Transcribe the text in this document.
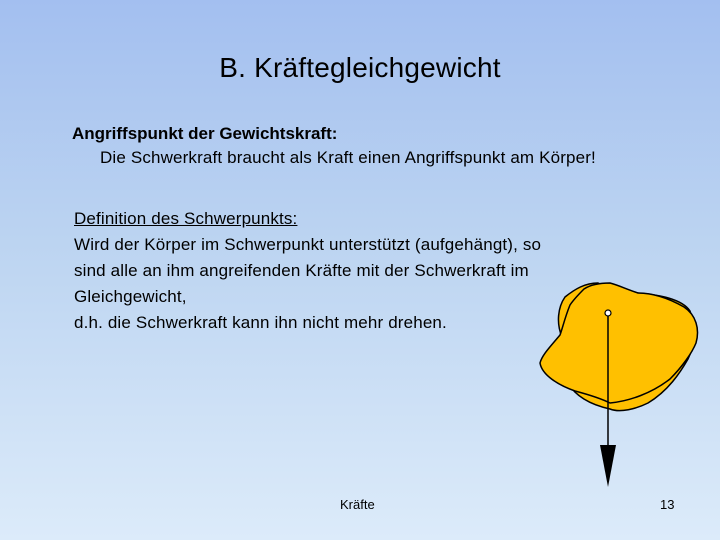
B. Kräftegleichgewicht
Angriffspunkt der Gewichtskraft:
Die Schwerkraft braucht als Kraft einen Angriffspunkt am Körper!
Definition des Schwerpunkts:
Wird der Körper im Schwerpunkt unterstützt (aufgehängt), so
sind alle an ihm angreifenden Kräfte mit der Schwerkraft im
Gleichgewicht,
d.h. die Schwerkraft kann ihn nicht mehr drehen.
Kräfte	13
